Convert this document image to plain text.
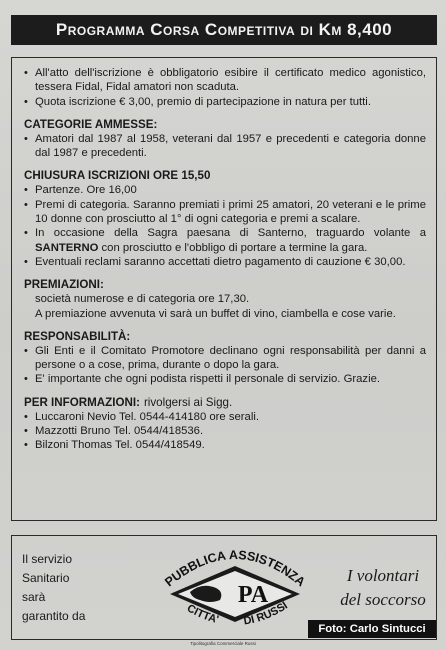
Programma Corsa Competitiva di Km 8,400
• All'atto dell'iscrizione è obbligatorio esibire il certificato medico agonistico, tessera Fidal, Fidal amatori non scaduta.
• Quota iscrizione € 3,00, premio di partecipazione in natura per tutti.
CATEGORIE AMMESSE:
• Amatori dal 1987 al 1958, veterani dal 1957 e precedenti e categoria donne dal 1987 e precedenti.
CHIUSURA ISCRIZIONI ORE 15,50
• Partenze. Ore 16,00
• Premi di categoria. Saranno premiati i primi 25 amatori, 20 veterani e le prime 10 donne con prosciutto al 1° di ogni categoria e premi a scalare.
• In occasione della Sagra paesana di Santerno, traguardo volante a SANTERNO con prosciutto e l'obbligo di portare a termine la gara.
• Eventuali reclami saranno accettati dietro pagamento di cauzione € 30,00.
PREMIAZIONI:
società numerose e di categoria ore 17,30.
A premiazione avvenuta vi sarà un buffet di vino, ciambella e cose varie.
RESPONSABILITÀ:
• Gli Enti e il Comitato Promotore declinano ogni responsabilità per danni a persone o a cose, prima, durante o dopo la gara.
• E' importante che ogni podista rispetti il personale di servizio. Grazie.
PER INFORMAZIONI: rivolgersi ai Sigg.
• Luccaroni Nevio Tel. 0544-414180 ore serali.
• Mazzotti Bruno Tel. 0544/418536.
• Bilzoni Thomas Tel. 0544/418549.
Il servizio
Sanitario
sarà
garantito da
PUBBLICA ASSISTENZA
PA
CITTA' DI RUSSI
I volontari
del soccorso
Foto: Carlo Sintucci
Tipolitografia Commerciale Russi
